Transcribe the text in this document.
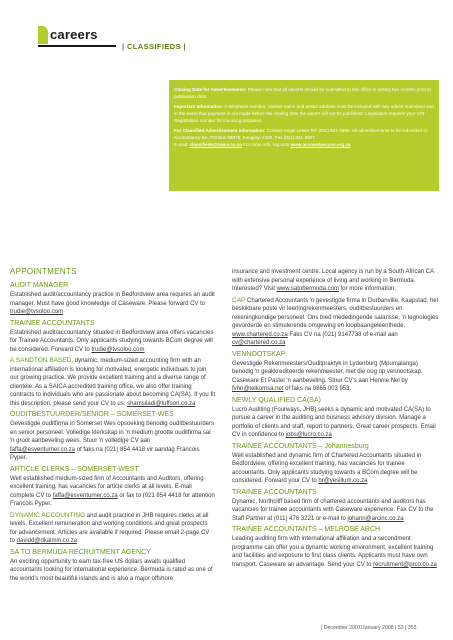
careers
| CLASSIFIEDS |

Closing Date for Advertisements: Please note that all adverts should be submitted to this office in writing two months prior to publication date.

Important Information: A telephone number, contact name and postal address must be included with any advert submitted and in the event that payment is not made before the closing date the advert will not be published. Legislation requires your VAT Registration number for invoicing purposes.

For Classified Advertisement information: Contact Angel Lessa Tel: (011) 621-6686. All advertisements to be submitted to: Accountancy SA, PO Box 59875, Kengray, 2100, Fax (011) 621-6807
E-mail: classifieds@saica.co.za For more info, log onto www.accountancysa.org.za

APPOINTMENTS
AUDIT MANAGER
Established audit/accountancy practice in Bedfordview area requires an audit manager. Must have good knowledge of Caseware. Please forward CV to trudie@tvsoloo.com
TRAINEE ACCOUNTANTS
Established audit/accountancy situated in Bedfordview area offers vacancies for Trainee Accountants. Only applicants studying towards BCom degree will be considered. Forward CV to trudie@tvsoloo.com
A SANDTON BASED, dynamic, medium-sized accounting firm with an international affiliation is looking for motivated, energetic individuals to join our growing practice. We provide excellent training and a diverse range of clientele. As a SAICA accredited training office, we also offer training contracts to individuals who are passionate about becoming CA(SA). If you fit this description, please send your CV to us: shamsiladi@tuffson.co.za
OUDITBESTUURDER/SENIOR – SOMERSET-WES
Gevestigde ouditfirma in Somerset Wes opsoeking benodig ouditbestuurders en senior personeel. Volledige klerkskap in 'n medium grootte ouditfirma sal 'n groot aanbeveling wees. Stuur 'n volledige CV aan faffa@esventurner.co.za of faks na (021) 854 4418 vir aandag Francois Pyper.
ARTICLE CLERKS – SOMERSET-WEST
Well established medium-sized firm of Accountants and Auditors, offering excellent training, has vacancies for article clerks at all levels. E-mail complete CV to faffa@esventurner.co.za or fax to (021 854 4418 for attention Francois Pyper.
DYNAMIC ACCOUNTING and audit practice in JHB requires clerks at all levels. Excellent remuneration and working conditions and great prospects for advancement. Articles are available if required. Please email 2-page CV to davidd@dkalmin.co.za
SA TO BERMUDA RECRUITMENT AGENCY
An exciting opportunity to earn tax-free US dollars awaits qualified accountants looking for international experience. Bermuda is rated as one of the world's most beautiful islands and is also a major offshore
insurance and investment centre. Local agency is run by a South African CA with extensive personal experience of living and working in Bermuda. Interested? Visit www.satobermuda.com for more information.
CAP Chartered Accountants 'n gevestigde firma in Durbanville, Kaapstad, het beskikbare poste vir leerlingrekenmeesters, ouditbestuurders en rekeningkundige personeel. Ons bied mededingende salarisse, 'n tegnologies gevorderde en stimulerende omgewing en loopbaangeleenthede. www.chartered.co.za Faks CV na (021) 9147738 of e-mail aan cv@chartered.co.za
VENNOOTSKAP
Gevestigde Rekenmeesters/Ouditpraktyk in Lydenburg (Mpumalanga) benodig 'n geakkrediteerde rekenmeester, met die oog op vennootskap. Caseware Et Pastel 'n aanbeveling. Stuur CV's aan Hennie Nel by fvhn@telkomsa.net of faks na 0865 003 953.
NEWLY QUALIFIED CA(SA)
Lucro Auditing (Fourways, JHB) seeks a dynamic and motivated CA(SA) to pursue a career in the auditing and business advisory division. Manage a portfolio of clients and staff, report to partners. Great career prospects. Email CV in confidence to jobs@lucro.co.za
TRAINEE ACCOUNTANTS – Johannesburg
Well established and dynamic firm of Chartered Accountants situated in Bedfordview, offering excellent training, has vacancies for trainee accountants. Only applicants studying towards a BCom degree will be considered. Forward your CV to hr@yesillum.co.za
TRAINEE ACCOUNTANTS
Dynamic, Northcliff based firm of chartered accountants and auditors has vacancies for trainee accountants with Caseware experience. Fax CV to the Staff Partner at (011) 476 3221 or e-mail to johann@arcinc.co.za
TRAINEE ACCOUNTANTS – MELROSE ARCH
Leading auditing firm with international affiliation and a secondment programme can offer you a dynamic working environment, excellent training and facilities and exposure to first class clients. Applicants must have own transport. Caseware an advantage. Send your CV to recruitment@prco.co.za
| December 2007/January 2008 | 53 | 353
